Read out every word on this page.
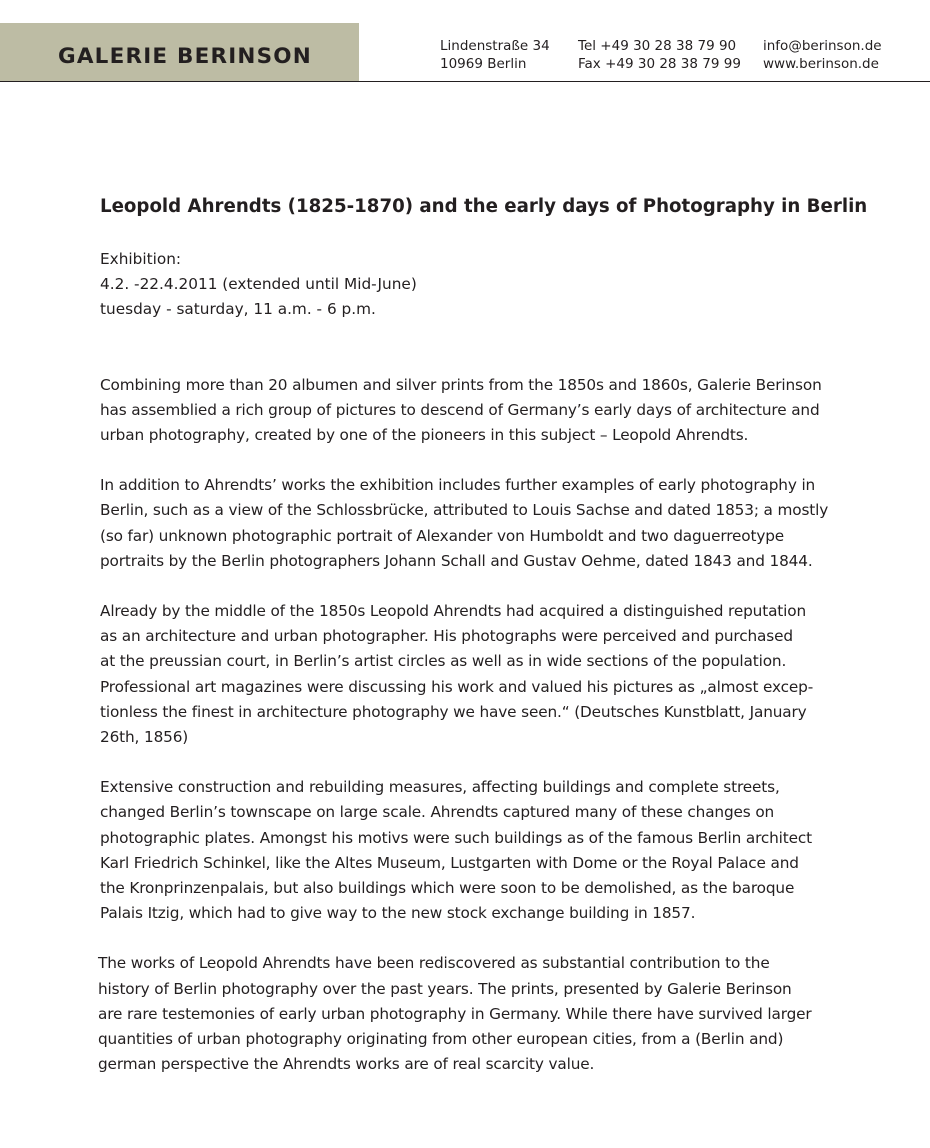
GALERIE BERINSON	Lindenstraße 34
10969 Berlin
Tel +49 30 28 38 79 90
Fax +49 30 28 38 79 99
info@berinson.de
www.berinson.de
Leopold Ahrendts (1825-1870) and the early days of Photography in Berlin
Exhibition:
4.2. -22.4.2011 (extended until Mid-June)
tuesday - saturday, 11 a.m. - 6 p.m.

Combining more than 20 albumen and silver prints from the 1850s and 1860s, Galerie Berinson
has assemblied a rich group of pictures to descend of Germany’s early days of architecture and
urban photography, created by one of the pioneers in this subject – Leopold Ahrendts.

In addition to Ahrendts’ works the exhibition includes further examples of early photography in
Berlin, such as a view of the Schlossbrücke, attributed to Louis Sachse and dated 1853; a mostly
(so far) unknown photographic portrait of Alexander von Humboldt and two daguerreotype
portraits by the Berlin photographers Johann Schall and Gustav Oehme, dated 1843 and 1844.

Already by the middle of the 1850s Leopold Ahrendts had acquired a distinguished reputation
as an architecture and urban photographer. His photographs were perceived and purchased
at the preussian court, in Berlin’s artist circles as well as in wide sections of the population.
Professional art magazines were discussing his work and valued his pictures as „almost excep-
tionless the finest in architecture photography we have seen.“ (Deutsches Kunstblatt, January
26th, 1856)

Extensive construction and rebuilding measures, affecting buildings and complete streets,
changed Berlin’s townscape on large scale. Ahrendts captured many of these changes on
photographic plates. Amongst his motivs were such buildings as of the famous Berlin architect
Karl Friedrich Schinkel, like the Altes Museum, Lustgarten with Dome or the Royal Palace and
the Kronprinzenpalais, but also buildings which were soon to be demolished, as the baroque
Palais Itzig, which had to give way to the new stock exchange building in 1857.

The works of Leopold Ahrendts have been rediscovered as substantial contribution to the
history of Berlin photography over the past years. The prints, presented by Galerie Berinson
are rare testemonies of early urban photography in Germany. While there have survived larger
quantities of urban photography originating from other european cities, from a (Berlin and)
german perspective the Ahrendts works are of real scarcity value.
